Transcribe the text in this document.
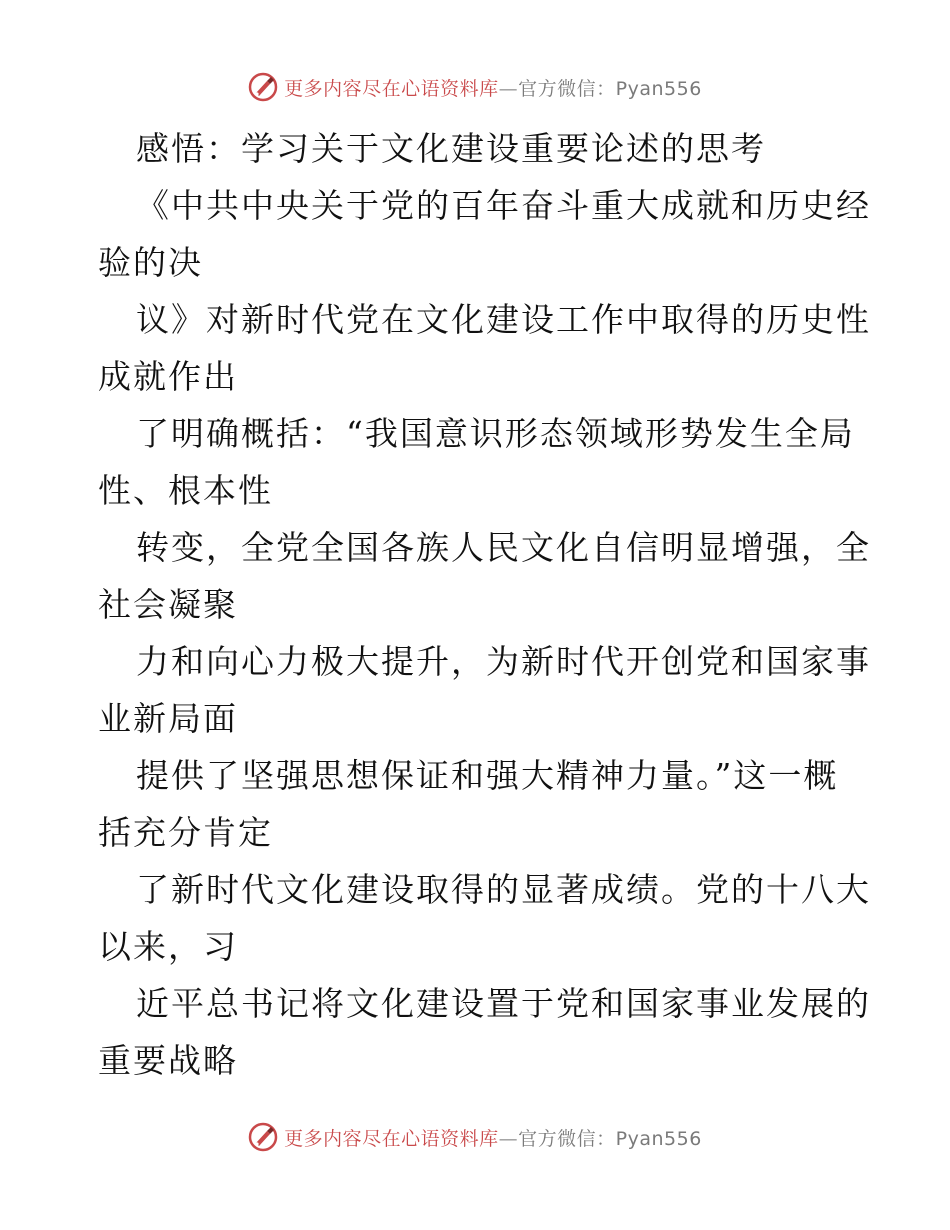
更多内容尽在心语资料库—官方微信：Pyan556
感悟：学习关于文化建设重要论述的思考
《中共中央关于党的百年奋斗重大成就和历史经
验的决
议》对新时代党在文化建设工作中取得的历史性
成就作出
了明确概括：“我国意识形态领域形势发生全局
性、根本性
转变，全党全国各族人民文化自信明显增强，全
社会凝聚
力和向心力极大提升，为新时代开创党和国家事
业新局面
提供了坚强思想保证和强大精神力量。”这一概
括充分肯定
了新时代文化建设取得的显著成绩。党的十八大
以来，习
近平总书记将文化建设置于党和国家事业发展的
重要战略
更多内容尽在心语资料库—官方微信：Pyan556
